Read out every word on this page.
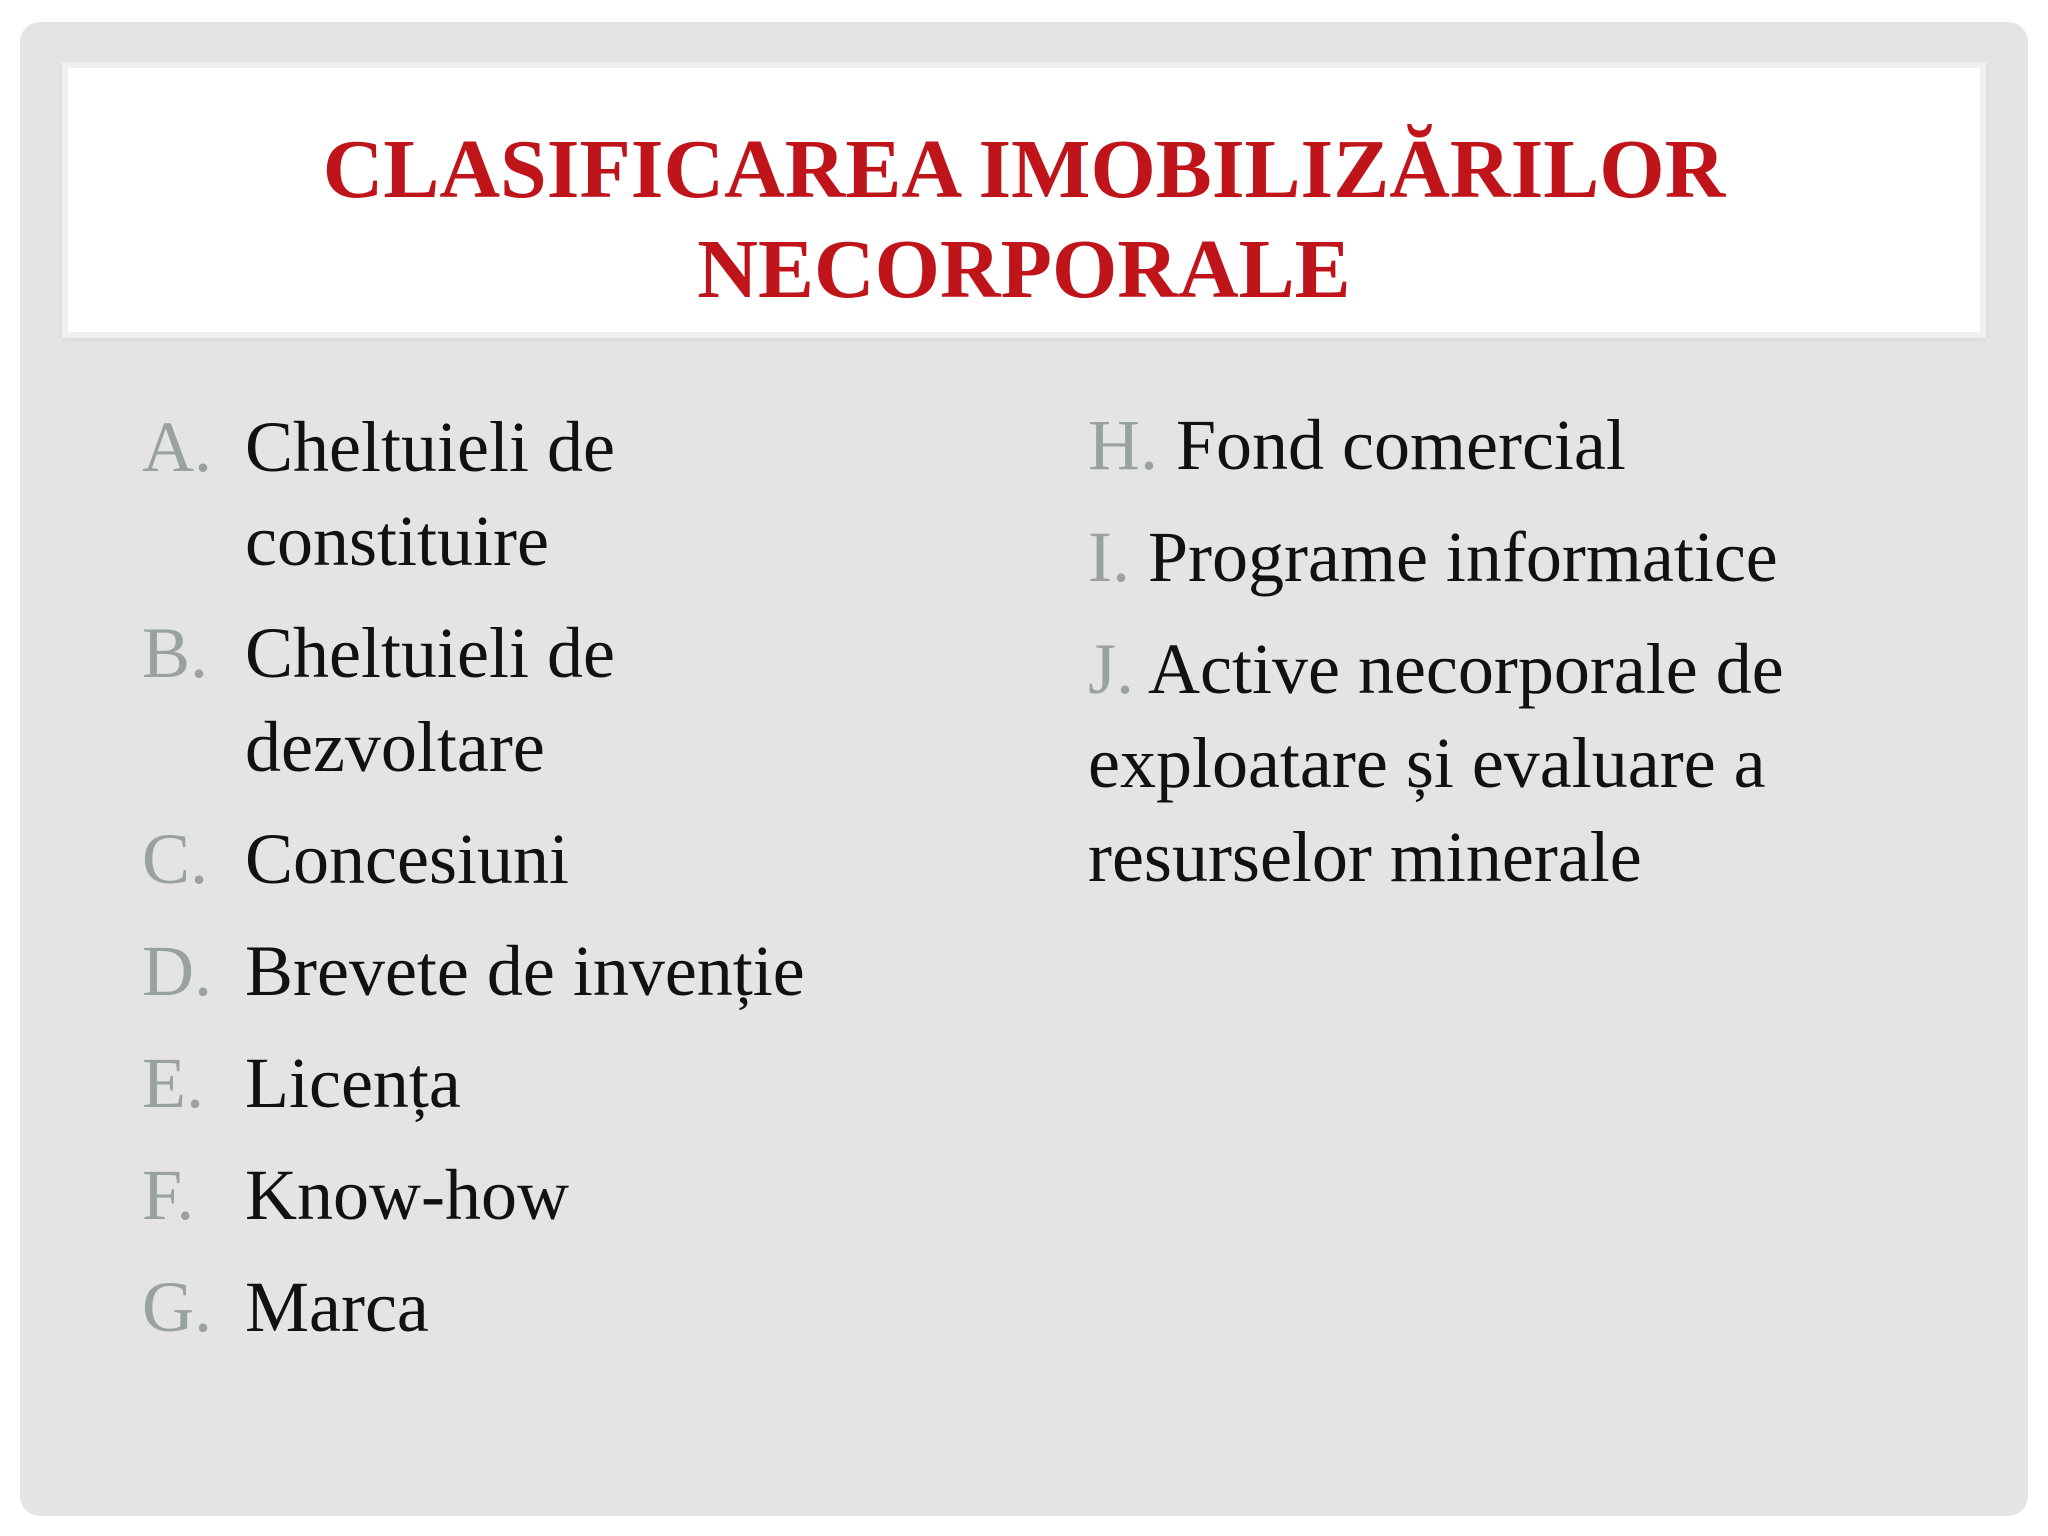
CLASIFICAREA IMOBILIZĂRILOR
NECORPORALE
A. Cheltuieli de constituire
B. Cheltuieli de dezvoltare
C. Concesiuni
D. Brevete de invenție
E. Licența
F. Know-how
G. Marca
H. Fond comercial
I. Programe informatice
J. Active necorporale de exploatare și evaluare a resurselor minerale
